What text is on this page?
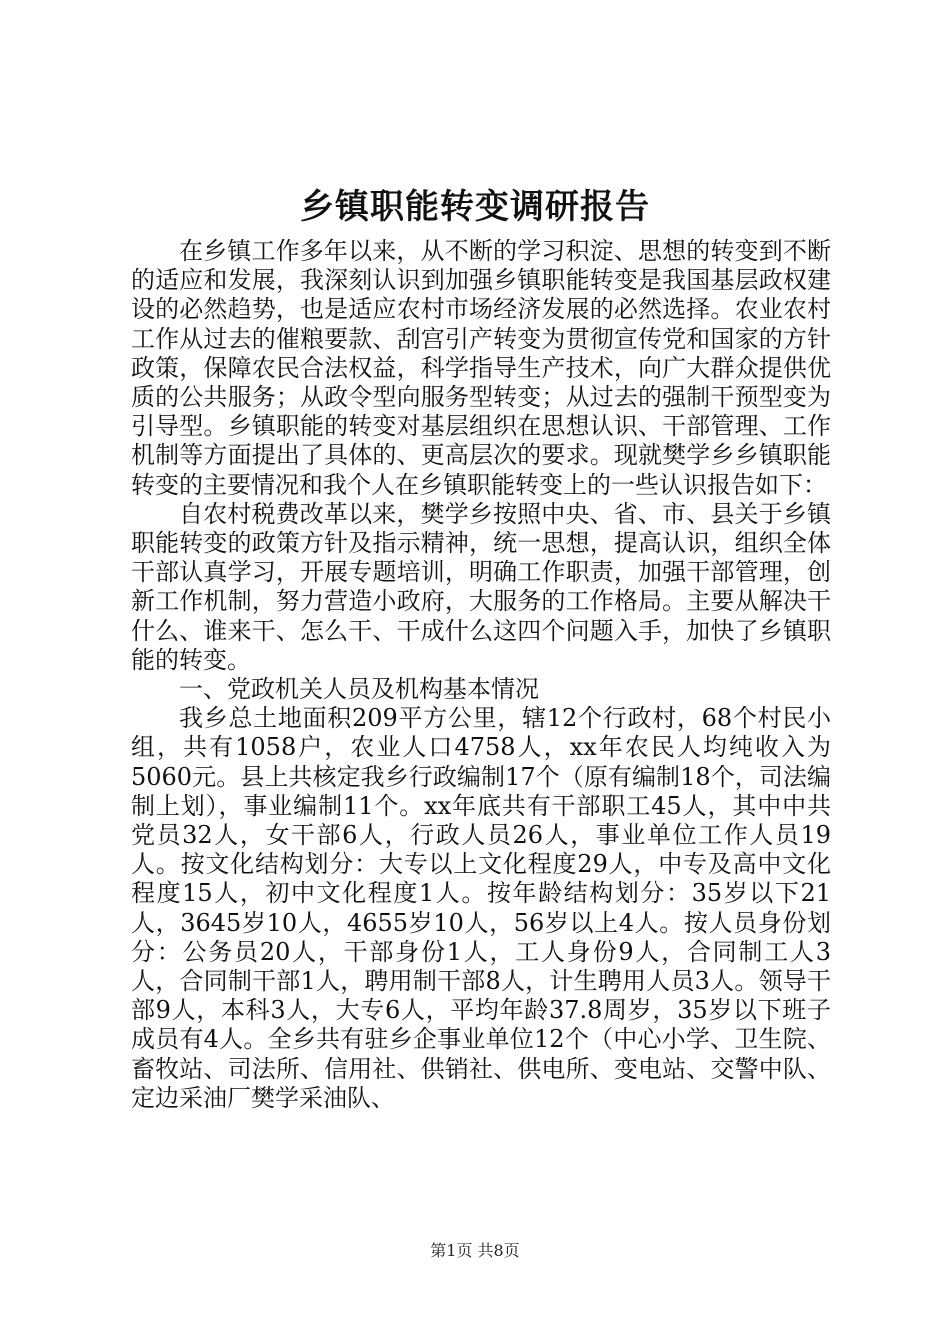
乡镇职能转变调研报告

在乡镇工作多年以来，从不断的学习积淀、思想的转变到不断的适应和发展，我深刻认识到加强乡镇职能转变是我国基层政权建设的必然趋势，也是适应农村市场经济发展的必然选择。农业农村工作从过去的催粮要款、刮宫引产转变为贯彻宣传党和国家的方针政策，保障农民合法权益，科学指导生产技术，向广大群众提供优质的公共服务；从政令型向服务型转变；从过去的强制干预型变为引导型。乡镇职能的转变对基层组织在思想认识、干部管理、工作机制等方面提出了具体的、更高层次的要求。现就樊学乡乡镇职能转变的主要情况和我个人在乡镇职能转变上的一些认识报告如下：

自农村税费改革以来，樊学乡按照中央、省、市、县关于乡镇职能转变的政策方针及指示精神，统一思想，提高认识，组织全体干部认真学习，开展专题培训，明确工作职责，加强干部管理，创新工作机制，努力营造小政府，大服务的工作格局。主要从解决干什么、谁来干、怎么干、干成什么这四个问题入手，加快了乡镇职能的转变。

一、党政机关人员及机构基本情况

我乡总土地面积209平方公里，辖12个行政村，68个村民小组，共有1058户，农业人口4758人，xx年农民人均纯收入为5060元。县上共核定我乡行政编制17个（原有编制18个，司法编制上划），事业编制11个。xx年底共有干部职工45人，其中中共党员32人，女干部6人，行政人员26人，事业单位工作人员19人。按文化结构划分：大专以上文化程度29人，中专及高中文化程度15人，初中文化程度1人。按年龄结构划分：35岁以下21人，3645岁10人，4655岁10人，56岁以上4人。按人员身份划分：公务员20人，干部身份1人，工人身份9人，合同制工人3人，合同制干部1人，聘用制干部8人，计生聘用人员3人。领导干部9人，本科3人，大专6人，平均年龄37.8周岁，35岁以下班子成员有4人。全乡共有驻乡企事业单位12个（中心小学、卫生院、畜牧站、司法所、信用社、供销社、供电所、变电站、交警中队、定边采油厂樊学采油队、

第1页 共8页
